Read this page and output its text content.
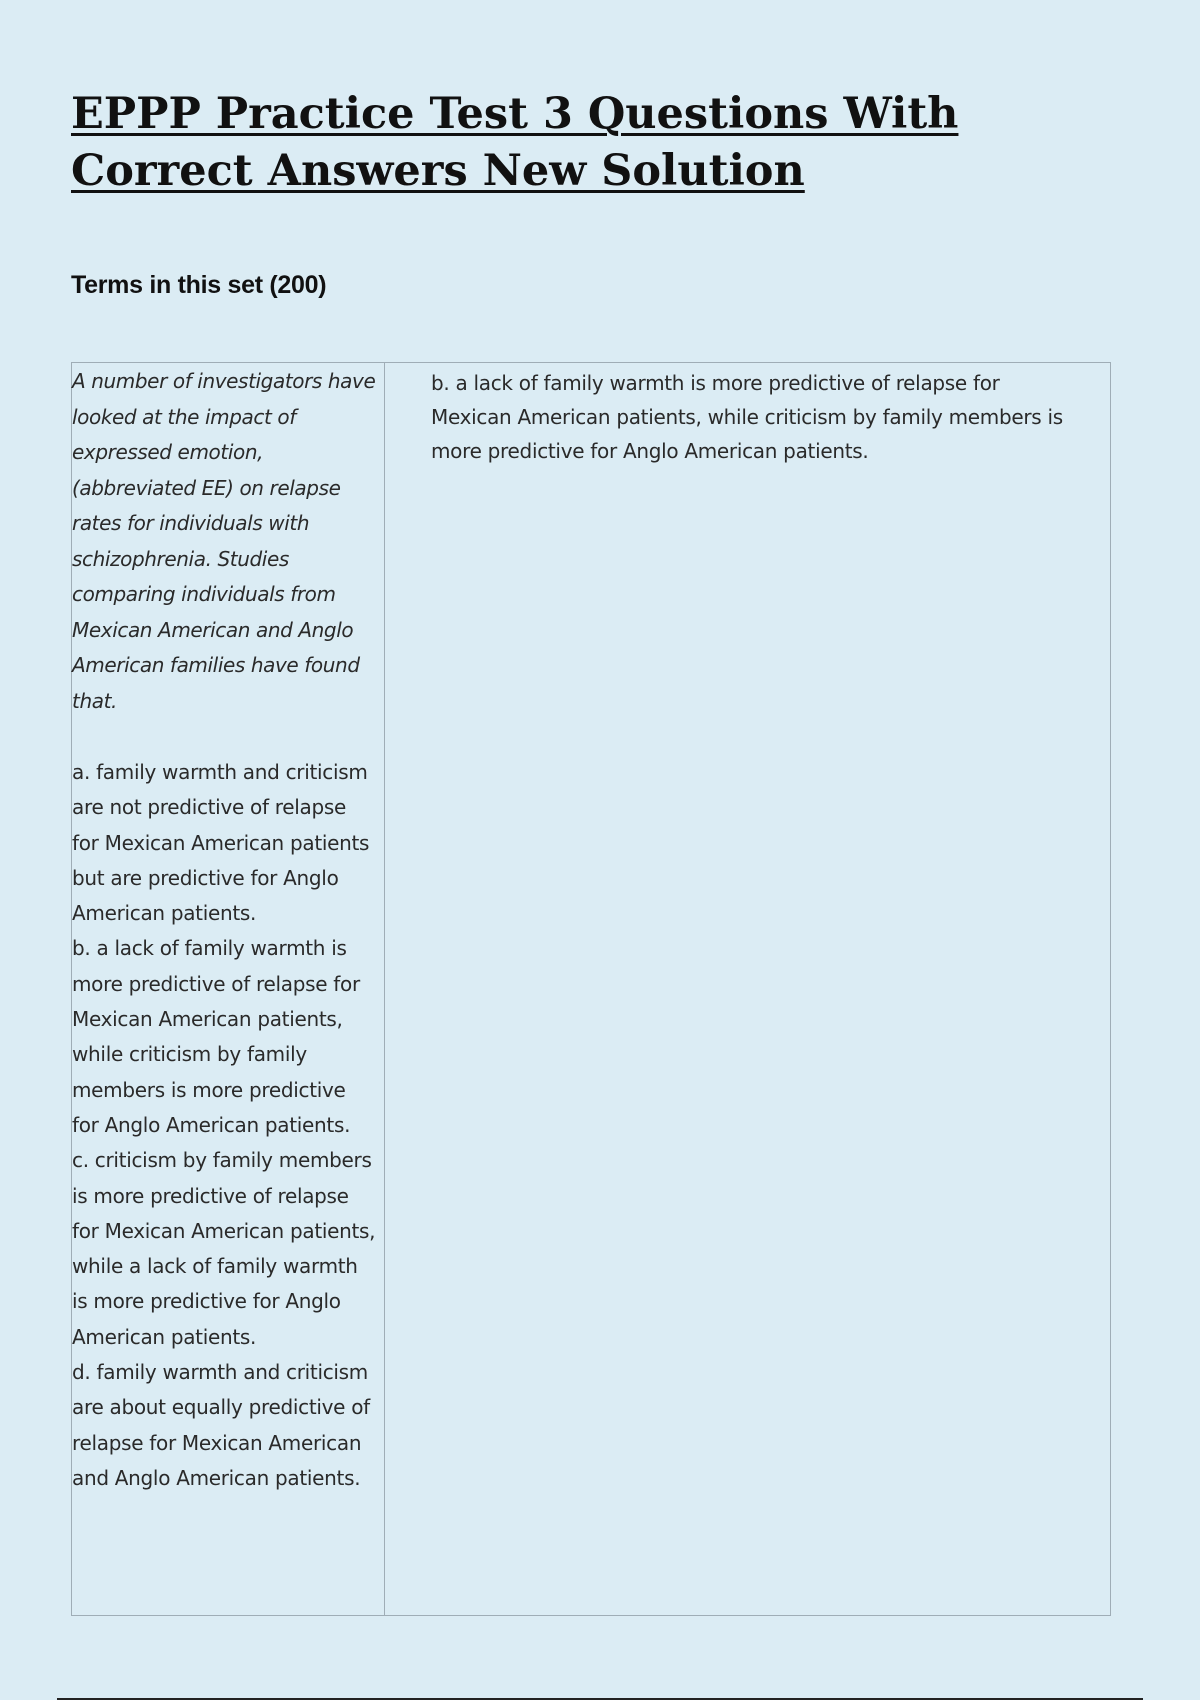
EPPP Practice Test 3 Questions With Correct Answers New Solution
Terms in this set (200)

A number of investigators have looked at the impact of expressed emotion, (abbreviated EE) on relapse rates for individuals with schizophrenia. Studies comparing individuals from Mexican American and Anglo American families have found that.

a. family warmth and criticism are not predictive of relapse for Mexican American patients but are predictive for Anglo American patients.

b. a lack of family warmth is more predictive of relapse for Mexican American patients, while criticism by family members is more predictive for Anglo American patients.

c. criticism by family members is more predictive of relapse for Mexican American patients, while a lack of family warmth is more predictive for Anglo American patients.

d. family warmth and criticism are about equally predictive of relapse for Mexican American and Anglo American patients.

b. a lack of family warmth is more predictive of relapse for Mexican American patients, while criticism by family members is more predictive for Anglo American patients.
